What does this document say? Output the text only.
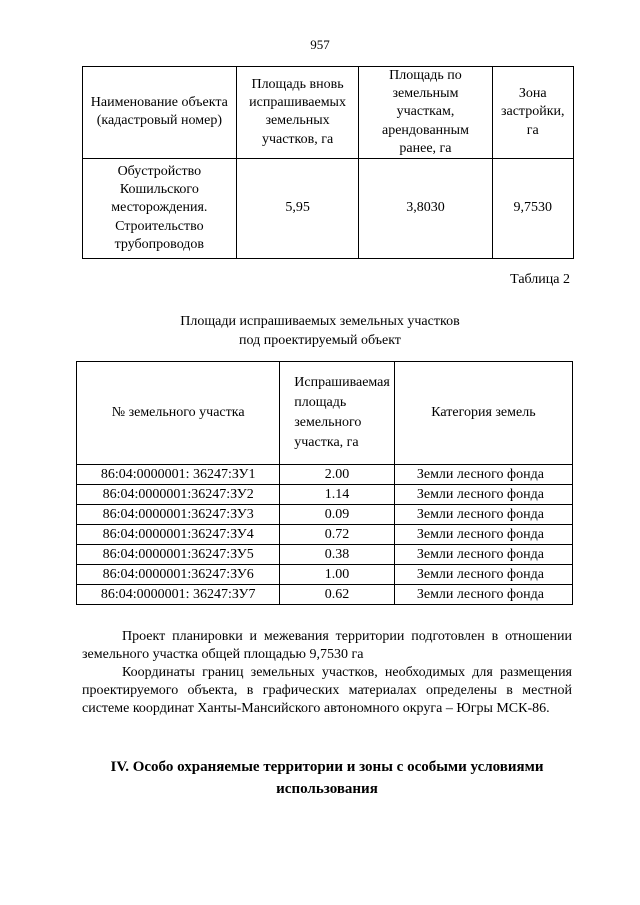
957
Наименование объекта (кадастровый номер)	Площадь вновь испрашиваемых земельных участков, га	Площадь по земельным участкам, арендованным ранее, га	Зона застройки, га
Обустройство Кошильского месторождения. Строительство трубопроводов	5,95	3,8030	9,7530
Таблица 2
Площади испрашиваемых земельных участков
под проектируемый объект
№ земельного участка	Испрашиваемая площадь земельного участка, га	Категория земель
86:04:0000001: 36247:ЗУ1	2.00	Земли лесного фонда
86:04:0000001:36247:ЗУ2	1.14	Земли лесного фонда
86:04:0000001:36247:ЗУ3	0.09	Земли лесного фонда
86:04:0000001:36247:ЗУ4	0.72	Земли лесного фонда
86:04:0000001:36247:ЗУ5	0.38	Земли лесного фонда
86:04:0000001:36247:ЗУ6	1.00	Земли лесного фонда
86:04:0000001: 36247:ЗУ7	0.62	Земли лесного фонда
Проект планировки и межевания территории подготовлен в отношении земельного участка общей площадью 9,7530 га
Координаты границ земельных участков, необходимых для размещения проектируемого объекта, в графических материалах определены в местной системе координат Ханты-Мансийского автономного округа – Югры МСК-86.
IV. Особо охраняемые территории и зоны с особыми условиями использования
